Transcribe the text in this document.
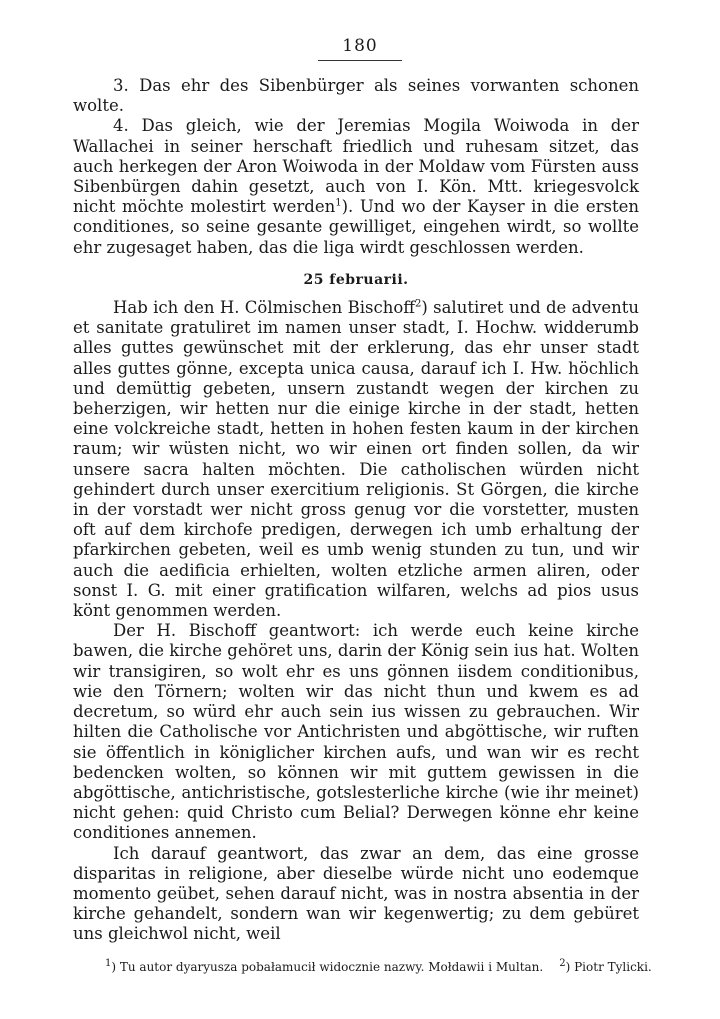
180

3. Das ehr des Sibenbürger als seines vorwanten schonen wolte.

4. Das gleich, wie der Jeremias Mogila Woiwoda in der Wallachei in seiner herschaft friedlich und ruhesam sitzet, das auch herkegen der Aron Woiwoda in der Moldaw vom Fürsten auss Sibenbürgen dahin gesetzt, auch von I. Kön. Mtt. kriegesvolck nicht möchte molestirt werden$^1$). Und wo der Kayser in die ersten conditiones, so seine gesante gewilliget, eingehen wirdt, so wollte ehr zugesaget haben, das die liga wirdt geschlossen werden.

25 februarii.

Hab ich den H. Cölmischen Bischoff$^2$) salutiret und de adventu et sanitate gratuliret im namen unser stadt, I. Hochw. widderumb alles guttes gewünschet mit der erklerung, das ehr unser stadt alles guttes gönne, excepta unica causa, darauf ich I. Hw. höchlich und demüttig gebeten, unsern zustandt wegen der kirchen zu beherzigen, wir hetten nur die einige kirche in der stadt, hetten eine volckreiche stadt, hetten in hohen festen kaum in der kirchen raum; wir wüsten nicht, wo wir einen ort finden sollen, da wir unsere sacra halten möchten. Die catholischen würden nicht gehindert durch unser exercitium religionis. St Görgen, die kirche in der vorstadt wer nicht gross genug vor die vorstetter, musten oft auf dem kirchofe predigen, derwegen ich umb erhaltung der pfarkirchen gebeten, weil es umb wenig stunden zu tun, und wir auch die aedificia erhielten, wolten etzliche armen aliren, oder sonst I. G. mit einer gratification wilfaren, welchs ad pios usus könt genommen werden.

Der H. Bischoff geantwort: ich werde euch keine kirche bawen, die kirche gehöret uns, darin der König sein ius hat. Wolten wir transigiren, so wolt ehr es uns gönnen iisdem conditionibus, wie den Törnern; wolten wir das nicht thun und kwem es ad decretum, so würd ehr auch sein ius wissen zu gebrauchen. Wir hilten die Catholische vor Antichristen und abgöttische, wir ruften sie öffentlich in königlicher kirchen aufs, und wan wir es recht bedencken wolten, so können wir mit guttem gewissen in die abgöttische, antichristische, gotslesterliche kirche (wie ihr meinet) nicht gehen: quid Christo cum Belial? Derwegen könne ehr keine conditiones annemen.

Ich darauf geantwort, das zwar an dem, das eine grosse disparitas in religione, aber dieselbe würde nicht uno eodemque momento geübet, sehen darauf nicht, was in nostra absentia in der kirche gehandelt, sondern wan wir kegenwertig; zu dem gebüret uns gleichwol nicht, weil

$^1$) Tu autor dyaryusza pobałamucił widocznie nazwy. Mołdawii i Multan. $^2$) Piotr Tylicki.
